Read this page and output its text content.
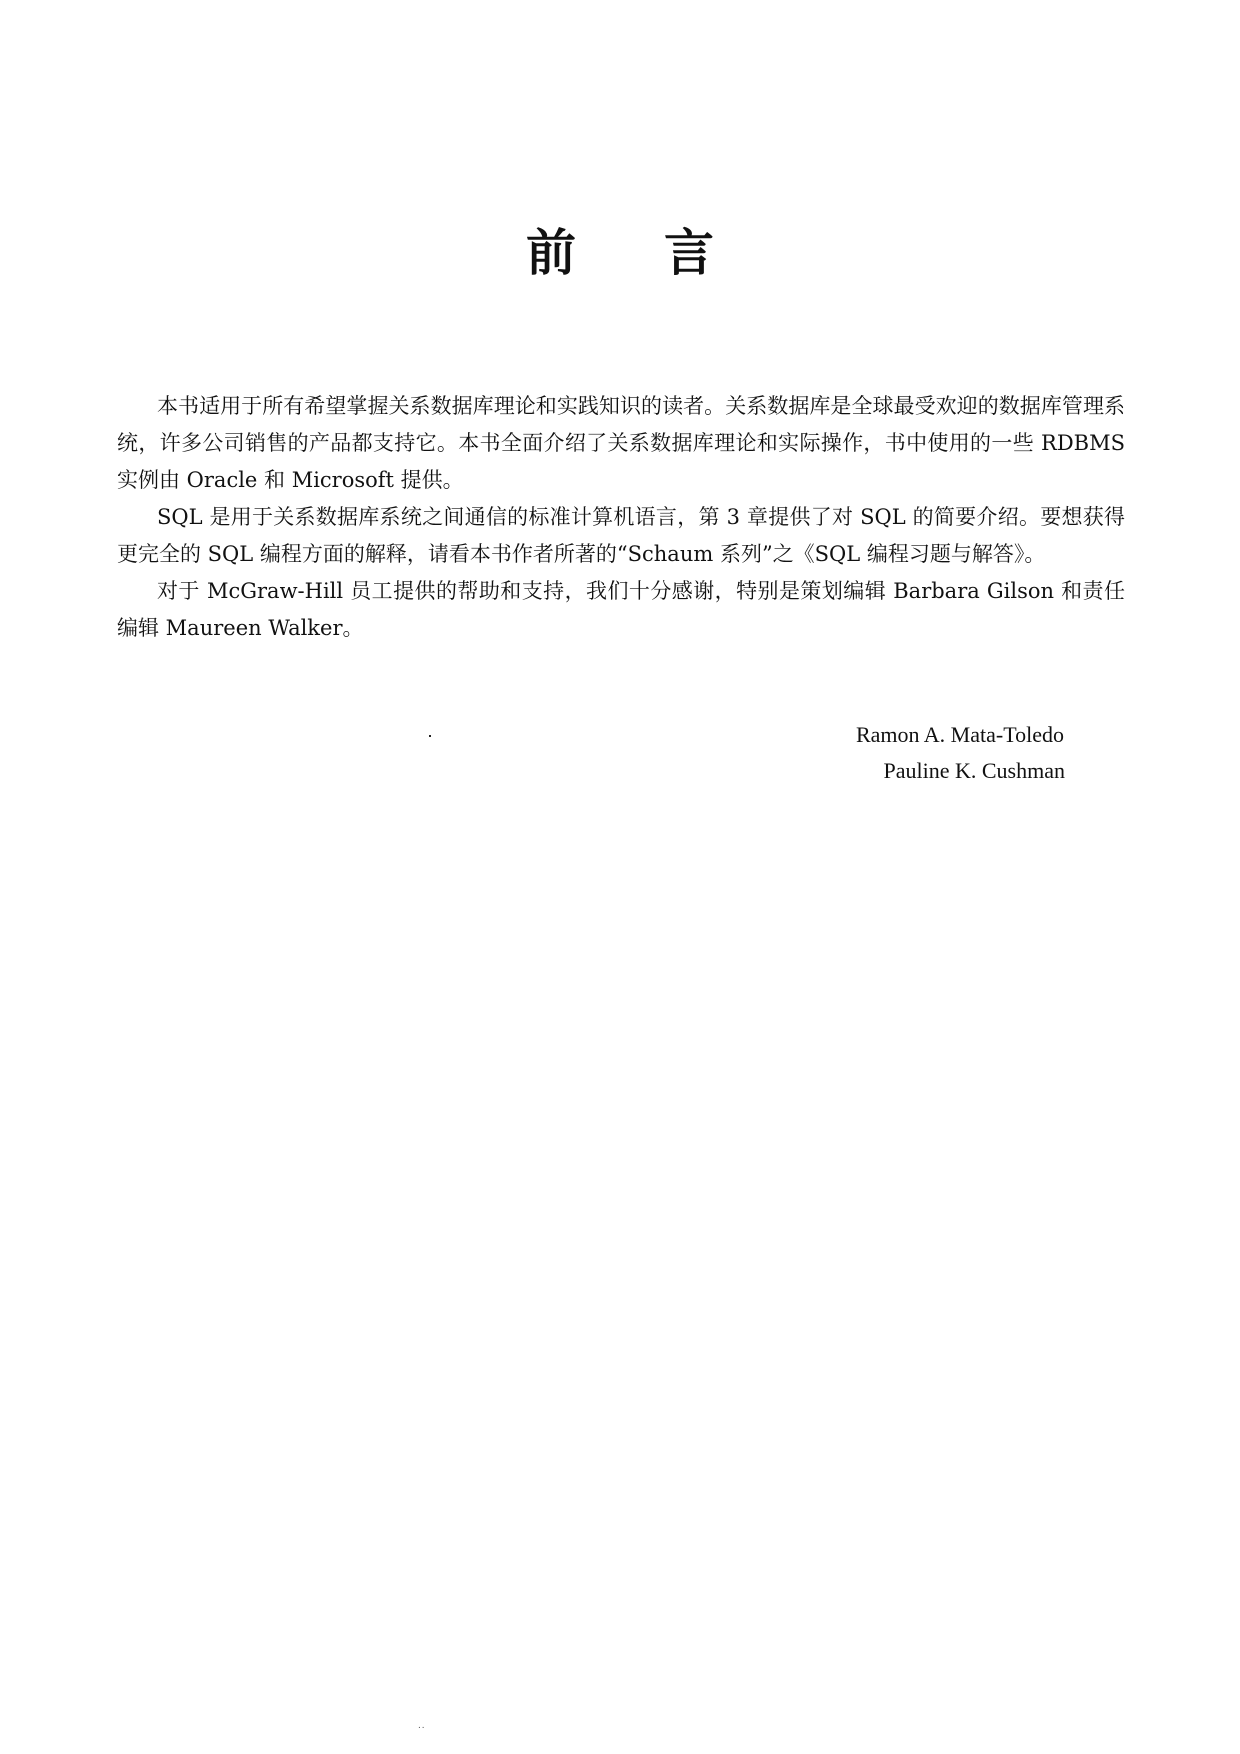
前言

本书适用于所有希望掌握关系数据库理论和实践知识的读者。关系数据库是全球最受欢迎的数据库管理系统，许多公司销售的产品都支持它。本书全面介绍了关系数据库理论和实际操作，书中使用的一些 RDBMS 实例由 Oracle 和 Microsoft 提供。

SQL 是用于关系数据库系统之间通信的标准计算机语言，第 3 章提供了对 SQL 的简要介绍。要想获得更完全的 SQL 编程方面的解释，请看本书作者所著的“Schaum 系列”之《SQL 编程习题与解答》。

对于 McGraw-Hill 员工提供的帮助和支持，我们十分感谢，特别是策划编辑 Barbara Gilson 和责任编辑 Maureen Walker。

Ramon A. Mata-Toledo
Pauline K. Cushman
..
